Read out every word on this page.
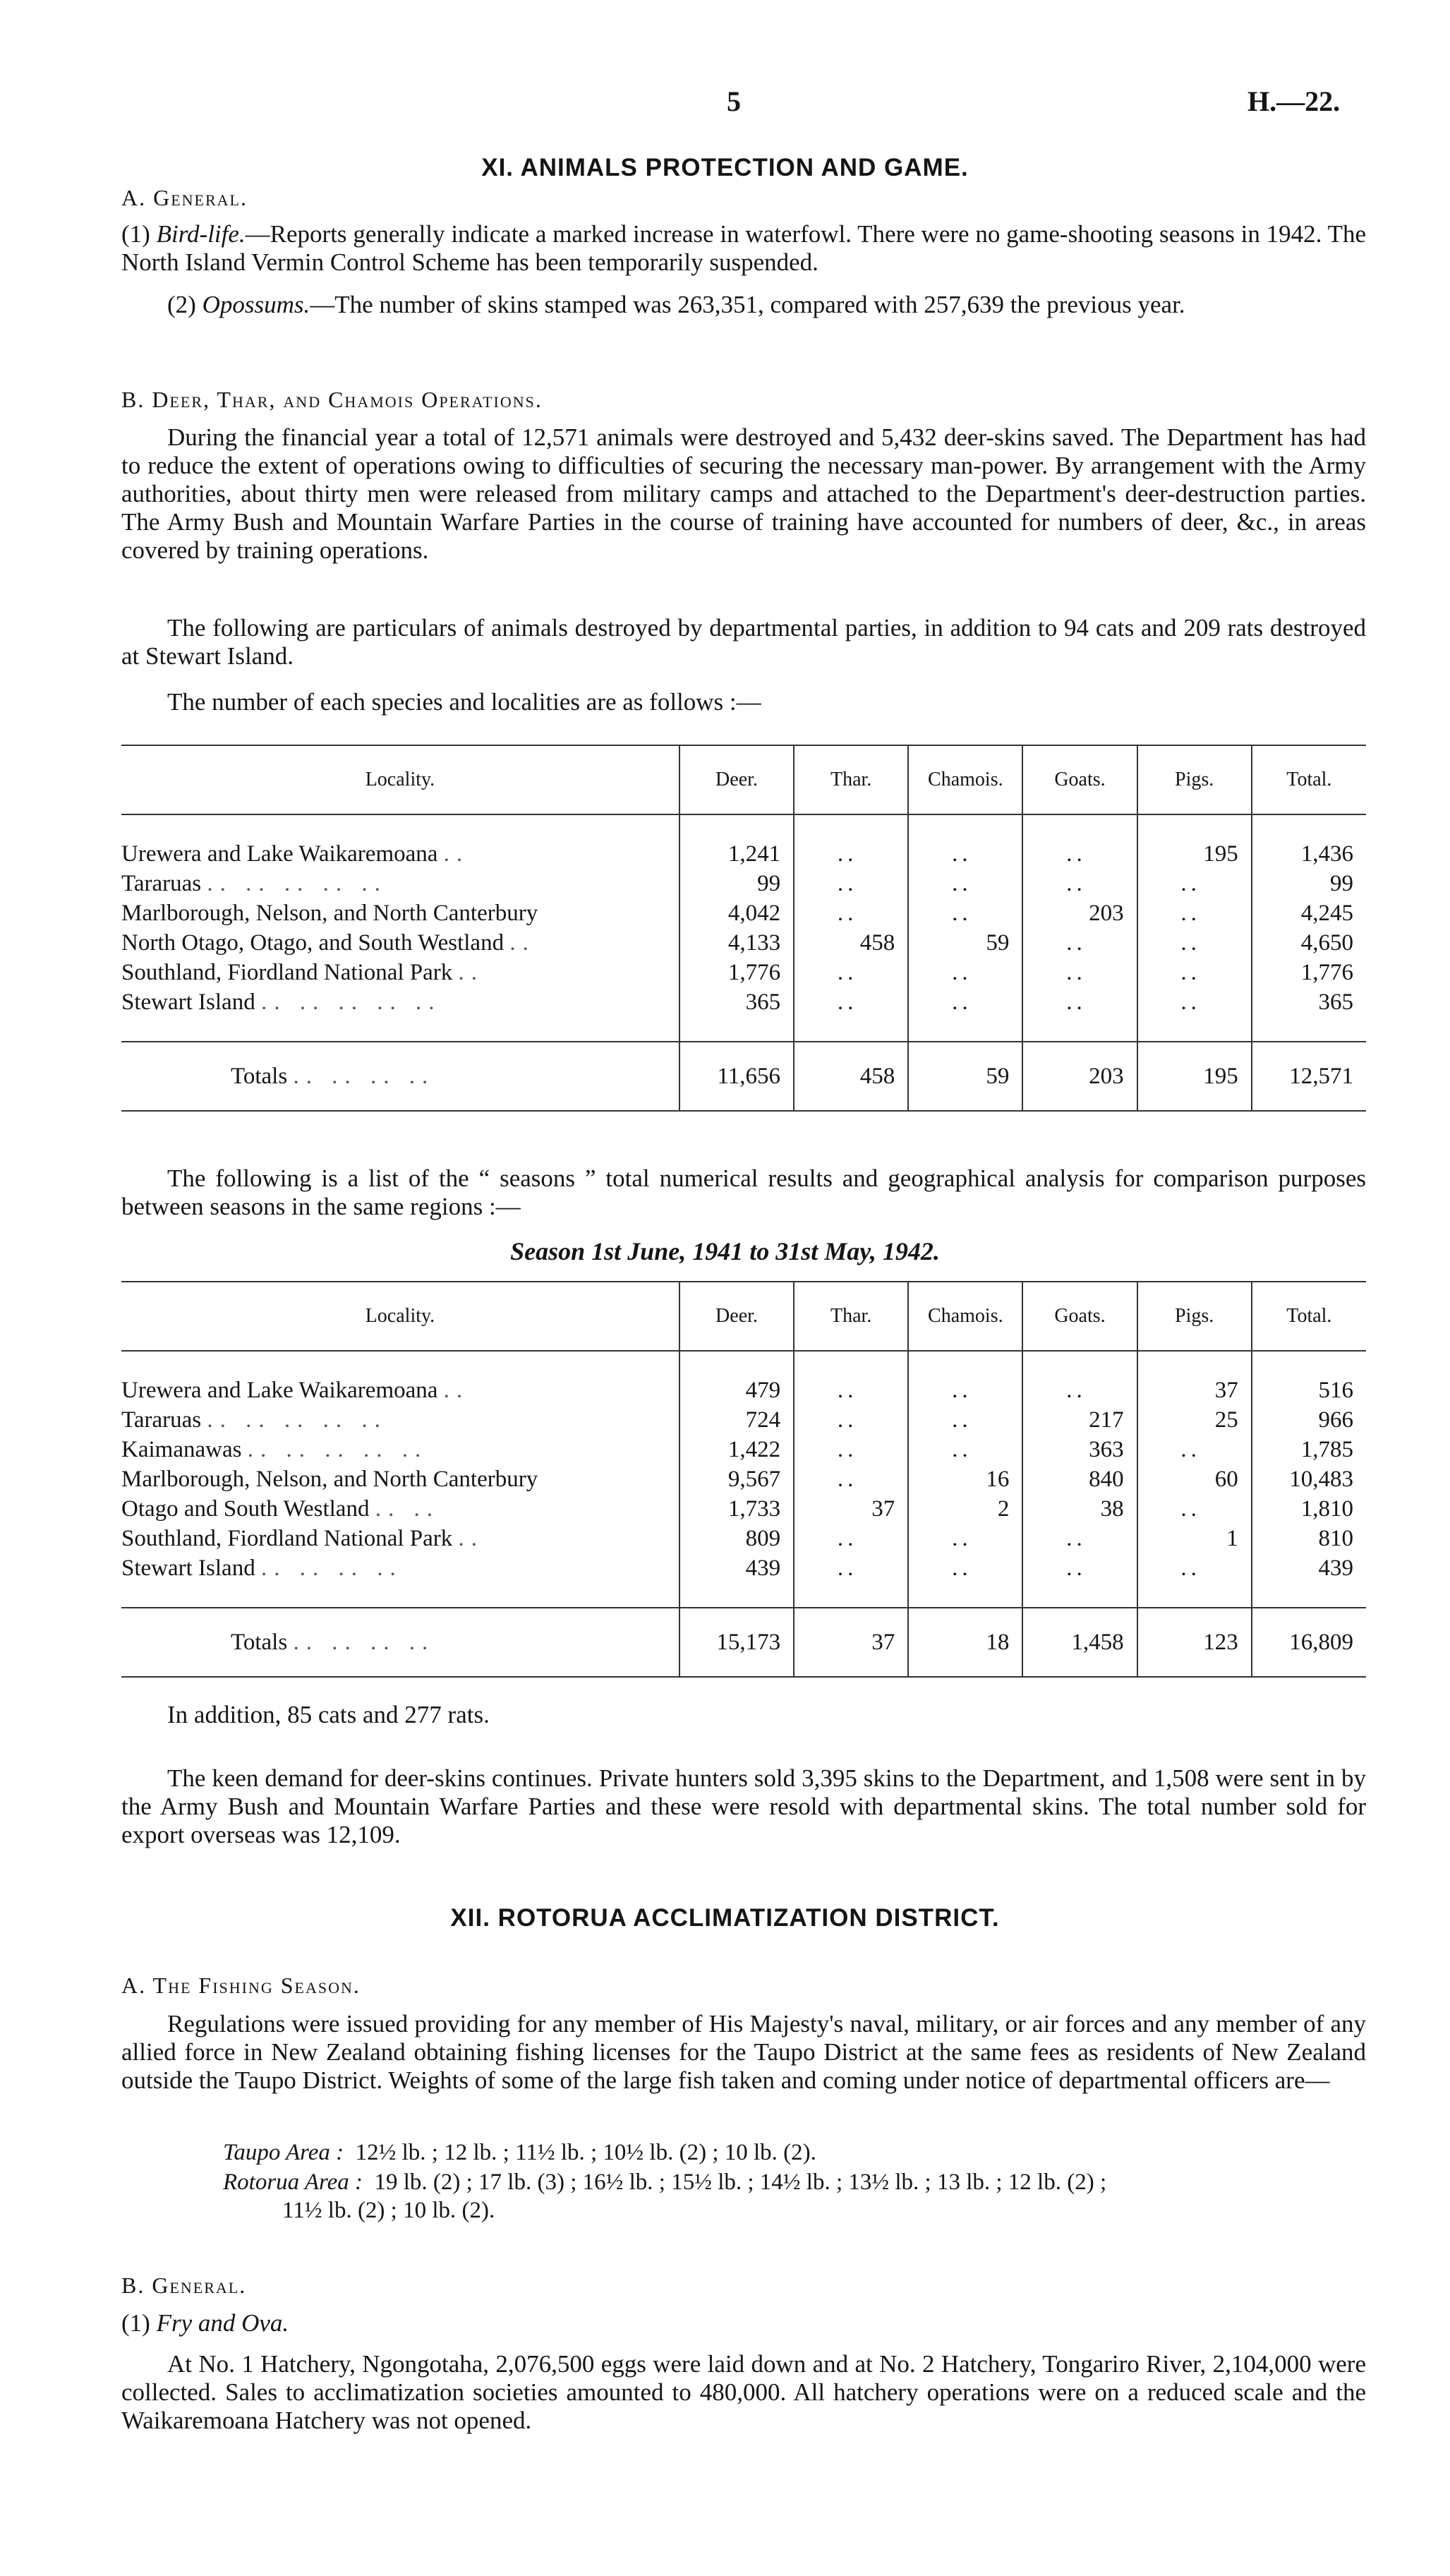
5	H.—22.
XI. ANIMALS PROTECTION AND GAME.
A. General.

(1) Bird-life.—Reports generally indicate a marked increase in waterfowl. There were no game-shooting seasons in 1942. The North Island Vermin Control Scheme has been temporarily suspended.

(2) Opossums.—The number of skins stamped was 263,351, compared with 257,639 the previous year.

B. Deer, Thar, and Chamois Operations.

During the financial year a total of 12,571 animals were destroyed and 5,432 deer-skins saved. The Department has had to reduce the extent of operations owing to difficulties of securing the necessary man-power. By arrangement with the Army authorities, about thirty men were released from military camps and attached to the Department's deer-destruction parties. The Army Bush and Mountain Warfare Parties in the course of training have accounted for numbers of deer, &c., in areas covered by training operations.

The following are particulars of animals destroyed by departmental parties, in addition to 94 cats and 209 rats destroyed at Stewart Island.

The number of each species and localities are as follows :—

Locality.	Deer.	Thar.	Chamois.	Goats.	Pigs.	Total.

Urewera and Lake Waikaremoana ..	1,241	..	..	..	195	1,436
Tararuas .. .. .. .. ..	99	..	..	..	..	99
Marlborough, Nelson, and North Canterbury	4,042	..	..	203	..	4,245
North Otago, Otago, and South Westland ..	4,133	458	59	..	..	4,650
Southland, Fiordland National Park ..	1,776	..	..	..	..	1,776
Stewart Island .. .. .. .. ..	365	..	..	..	..	365

Totals .. .. .. ..	11,656	458	59	203	195	12,571

The following is a list of the “ seasons ” total numerical results and geographical analysis for comparison purposes between seasons in the same regions :—

Season 1st June, 1941 to 31st May, 1942.
Locality.	Deer.	Thar.	Chamois.	Goats.	Pigs.	Total.

Urewera and Lake Waikaremoana ..	479	..	..	..	37	516
Tararuas .. .. .. .. ..	724	..	..	217	25	966
Kaimanawas .. .. .. .. ..	1,422	..	..	363	..	1,785
Marlborough, Nelson, and North Canterbury	9,567	..	16	840	60	10,483
Otago and South Westland .. ..	1,733	37	2	38	..	1,810
Southland, Fiordland National Park ..	809	..	..	..	1	810
Stewart Island .. .. .. ..	439	..	..	..	..	439

Totals .. .. .. ..	15,173	37	18	1,458	123	16,809
In addition, 85 cats and 277 rats.

The keen demand for deer-skins continues. Private hunters sold 3,395 skins to the Department, and 1,508 were sent in by the Army Bush and Mountain Warfare Parties and these were resold with departmental skins. The total number sold for export overseas was 12,109.

XII. ROTORUA ACCLIMATIZATION DISTRICT.
A. The Fishing Season.

Regulations were issued providing for any member of His Majesty's naval, military, or air forces and any member of any allied force in New Zealand obtaining fishing licenses for the Taupo District at the same fees as residents of New Zealand outside the Taupo District. Weights of some of the large fish taken and coming under notice of departmental officers are—

Taupo Area : 12½ lb. ; 12 lb. ; 11½ lb. ; 10½ lb. (2) ; 10 lb. (2).
Rotorua Area : 19 lb. (2) ; 17 lb. (3) ; 16½ lb. ; 15½ lb. ; 14½ lb. ; 13½ lb. ; 13 lb. ; 12 lb. (2) ;
11½ lb. (2) ; 10 lb. (2).
B. General.
(1) Fry and Ova.

At No. 1 Hatchery, Ngongotaha, 2,076,500 eggs were laid down and at No. 2 Hatchery, Tongariro River, 2,104,000 were collected. Sales to acclimatization societies amounted to 480,000. All hatchery operations were on a reduced scale and the Waikaremoana Hatchery was not opened.
